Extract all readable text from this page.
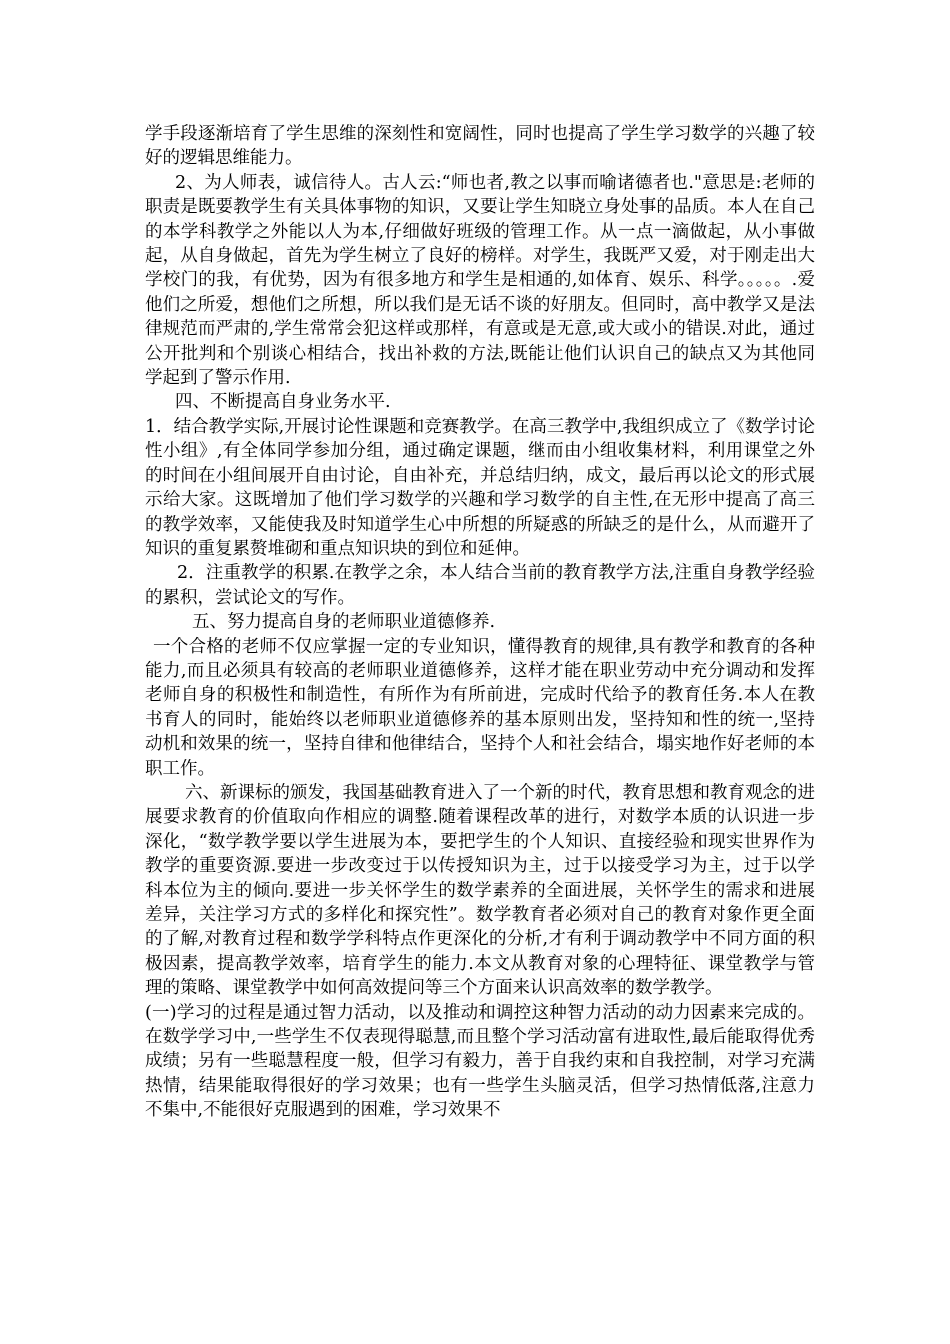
学手段逐渐培育了学生思维的深刻性和宽阔性，同时也提高了学生学习数学的兴趣了较好的逻辑思维能力。

2、为人师表，诚信待人。古人云:“师也者,教之以事而喻诸德者也."意思是:老师的职责是既要教学生有关具体事物的知识，又要让学生知晓立身处事的品质。本人在自己的本学科教学之外能以人为本,仔细做好班级的管理工作。从一点一滴做起，从小事做起，从自身做起，首先为学生树立了良好的榜样。对学生，我既严又爱，对于刚走出大学校门的我，有优势，因为有很多地方和学生是相通的,如体育、娱乐、科学。。。。。.爱他们之所爱，想他们之所想，所以我们是无话不谈的好朋友。但同时，高中教学又是法律规范而严肃的,学生常常会犯这样或那样，有意或是无意,或大或小的错误.对此，通过公开批判和个别谈心相结合，找出补救的方法,既能让他们认识自己的缺点又为其他同学起到了警示作用.

四、不断提高自身业务水平.

1．结合教学实际,开展讨论性课题和竞赛教学。在高三教学中,我组织成立了《数学讨论性小组》,有全体同学参加分组，通过确定课题，继而由小组收集材料，利用课堂之外的时间在小组间展开自由讨论，自由补充，并总结归纳，成文，最后再以论文的形式展示给大家。这既增加了他们学习数学的兴趣和学习数学的自主性,在无形中提高了高三的教学效率，又能使我及时知道学生心中所想的所疑惑的所缺乏的是什么，从而避开了知识的重复累赘堆砌和重点知识块的到位和延伸。

2．注重教学的积累.在教学之余，本人结合当前的教育教学方法,注重自身教学经验的累积，尝试论文的写作。

五、努力提高自身的老师职业道德修养.

一个合格的老师不仅应掌握一定的专业知识，懂得教育的规律,具有教学和教育的各种能力,而且必须具有较高的老师职业道德修养，这样才能在职业劳动中充分调动和发挥老师自身的积极性和制造性，有所作为有所前进，完成时代给予的教育任务.本人在教书育人的同时，能始终以老师职业道德修养的基本原则出发，坚持知和性的统一,坚持动机和效果的统一，坚持自律和他律结合，坚持个人和社会结合，塌实地作好老师的本职工作。

六、新课标的颁发，我国基础教育进入了一个新的时代，教育思想和教育观念的进展要求教育的价值取向作相应的调整.随着课程改革的进行，对数学本质的认识进一步深化，“数学教学要以学生进展为本，要把学生的个人知识、直接经验和现实世界作为教学的重要资源.要进一步改变过于以传授知识为主，过于以接受学习为主，过于以学科本位为主的倾向.要进一步关怀学生的数学素养的全面进展，关怀学生的需求和进展差异，关注学习方式的多样化和探究性”。数学教育者必须对自己的教育对象作更全面的了解,对教育过程和数学学科特点作更深化的分析,才有利于调动教学中不同方面的积极因素，提高教学效率，培育学生的能力.本文从教育对象的心理特征、课堂教学与管理的策略、课堂教学中如何高效提问等三个方面来认识高效率的数学教学。

(一)学习的过程是通过智力活动，以及推动和调控这种智力活动的动力因素来完成的。在数学学习中,一些学生不仅表现得聪慧,而且整个学习活动富有进取性,最后能取得优秀成绩；另有一些聪慧程度一般，但学习有毅力，善于自我约束和自我控制，对学习充满热情，结果能取得很好的学习效果；也有一些学生头脑灵活，但学习热情低落,注意力不集中,不能很好克服遇到的困难，学习效果不
